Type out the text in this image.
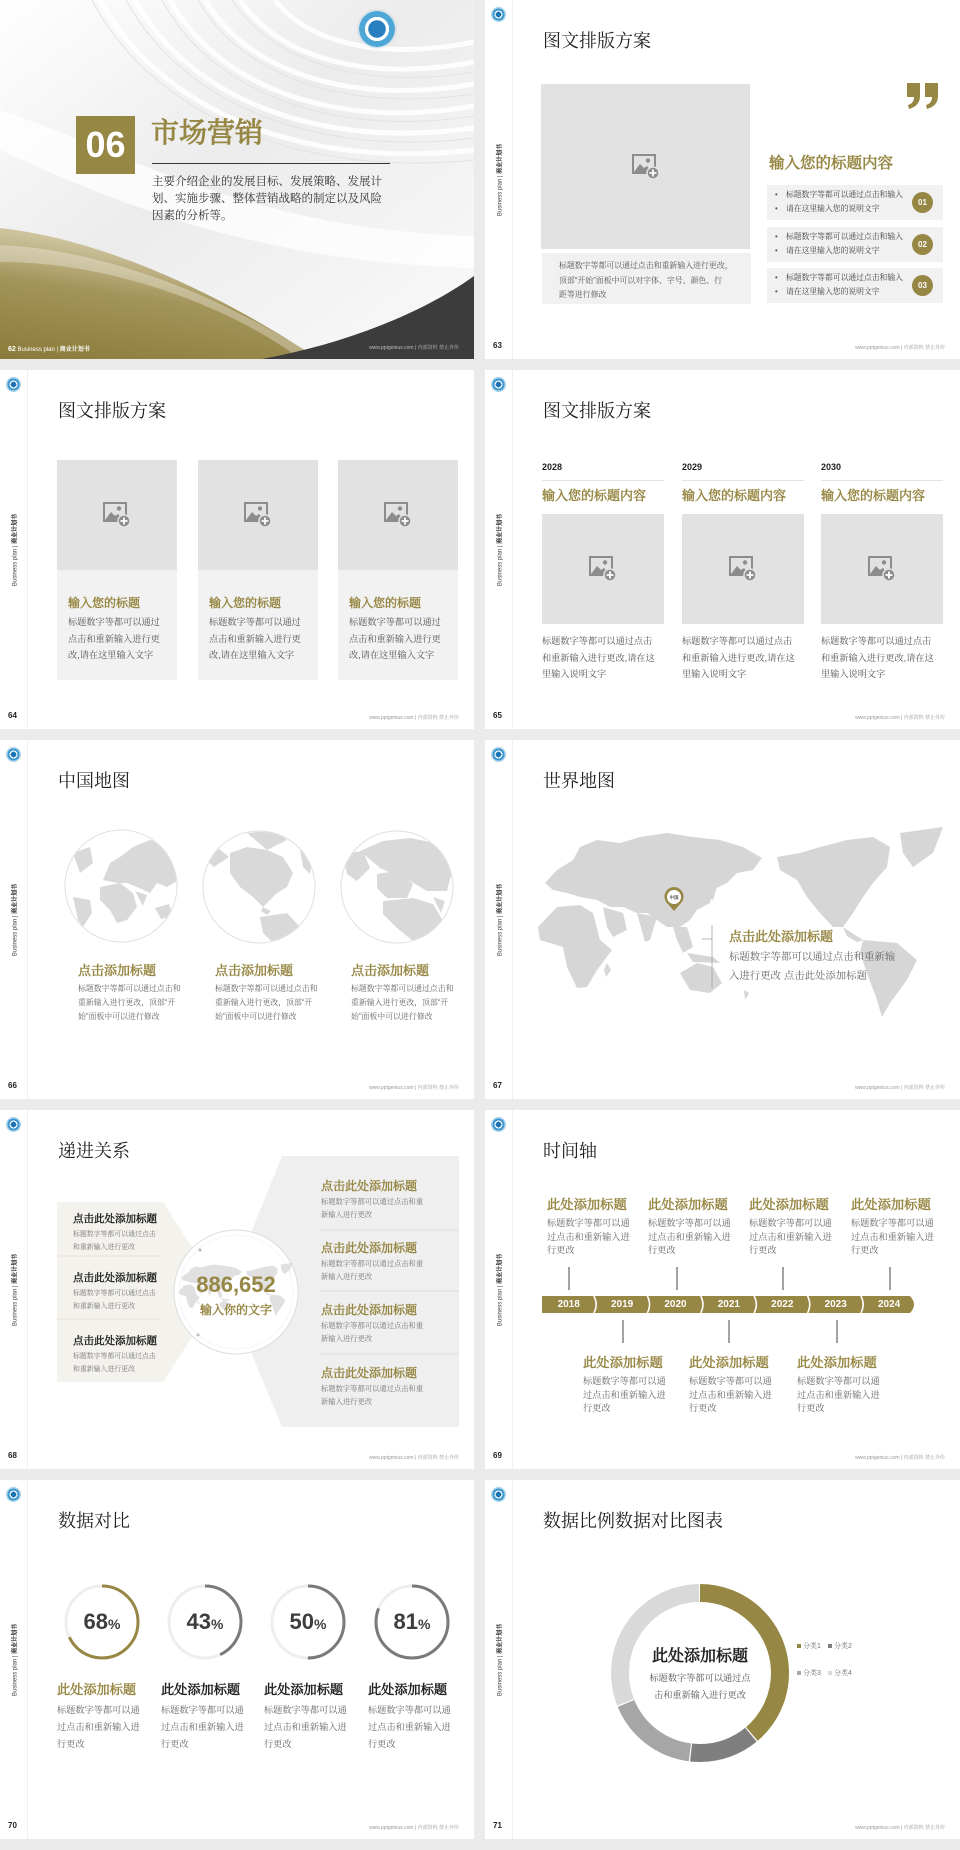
06 市场营销
主要介绍企业的发展目标、发展策略、发展计
划、实施步骤、整体营销战略的制定以及风险
因素的分析等。
62 Business plan | 商业计划书	www.pptgenius.com | 内部资料 禁止外传
Business plan | 商业计划书
63	www.pptgenius.com | 内部资料 禁止外传
图文排版方案
标题数字等都可以通过点击和重新输入进行更改，
顶部“开始”面板中可以对字体、字号、颜色、行
距等进行修改
输入您的标题内容
•标题数字等都可以通过点击和输入
•请在这里输入您的说明文字
01
•标题数字等都可以通过点击和输入
•请在这里输入您的说明文字
02
•标题数字等都可以通过点击和输入
•请在这里输入您的说明文字
03
Business plan | 商业计划书
64	www.pptgenius.com | 内部资料 禁止外传
图文排版方案
输入您的标题
标题数字等都可以通过
点击和重新输入进行更
改,请在这里输入文字
输入您的标题
标题数字等都可以通过
点击和重新输入进行更
改,请在这里输入文字
输入您的标题
标题数字等都可以通过
点击和重新输入进行更
改,请在这里输入文字
Business plan | 商业计划书
65	www.pptgenius.com | 内部资料 禁止外传
图文排版方案
2028
输入您的标题内容
标题数字等都可以通过点击
和重新输入进行更改,请在这
里输入说明文字
2029
输入您的标题内容
标题数字等都可以通过点击
和重新输入进行更改,请在这
里输入说明文字
2030
输入您的标题内容
标题数字等都可以通过点击
和重新输入进行更改,请在这
里输入说明文字
Business plan | 商业计划书
66	www.pptgenius.com | 内部资料 禁止外传
中国地图
点击添加标题
标题数字等都可以通过点击和
重新输入进行更改，顶部“开
始”面板中可以进行修改
点击添加标题
标题数字等都可以通过点击和
重新输入进行更改，顶部“开
始”面板中可以进行修改
点击添加标题
标题数字等都可以通过点击和
重新输入进行更改，顶部“开
始”面板中可以进行修改
Business plan | 商业计划书
67	www.pptgenius.com | 内部资料 禁止外传
世界地图
中国
点击此处添加标题
标题数字等都可以通过点击和重新输
入进行更改 点击此处添加标题
Business plan | 商业计划书
68	www.pptgenius.com | 内部资料 禁止外传
递进关系
886,652
输入你的文字
点击此处添加标题
标题数字等都可以通过点击
和重新输入进行更改
点击此处添加标题
标题数字等都可以通过点击
和重新输入进行更改
点击此处添加标题
标题数字等都可以通过点击
和重新输入进行更改
点击此处添加标题
标题数字等都可以通过点击和重
新输入进行更改
点击此处添加标题
标题数字等都可以通过点击和重
新输入进行更改
点击此处添加标题
标题数字等都可以通过点击和重
新输入进行更改
点击此处添加标题
标题数字等都可以通过点击和重
新输入进行更改
Business plan | 商业计划书
69	www.pptgenius.com | 内部资料 禁止外传
时间轴
2018	2019	2020	2021	2022	2023	2024
此处添加标题
标题数字等都可以通
过点击和重新输入进
行更改
此处添加标题
标题数字等都可以通
过点击和重新输入进
行更改
此处添加标题
标题数字等都可以通
过点击和重新输入进
行更改
此处添加标题
标题数字等都可以通
过点击和重新输入进
行更改
此处添加标题
标题数字等都可以通
过点击和重新输入进
行更改
此处添加标题
标题数字等都可以通
过点击和重新输入进
行更改
此处添加标题
标题数字等都可以通
过点击和重新输入进
行更改
Business plan | 商业计划书
70	www.pptgenius.com | 内部资料 禁止外传
数据对比
68%	43%	50%	81%
此处添加标题
标题数字等都可以通
过点击和重新输入进
行更改
此处添加标题
标题数字等都可以通
过点击和重新输入进
行更改
此处添加标题
标题数字等都可以通
过点击和重新输入进
行更改
此处添加标题
标题数字等都可以通
过点击和重新输入进
行更改
Business plan | 商业计划书
71	www.pptgenius.com | 内部资料 禁止外传
数据比例数据对比图表
此处添加标题
标题数字等都可以通过点
击和重新输入进行更改
分类1	分类2
分类3	分类4
